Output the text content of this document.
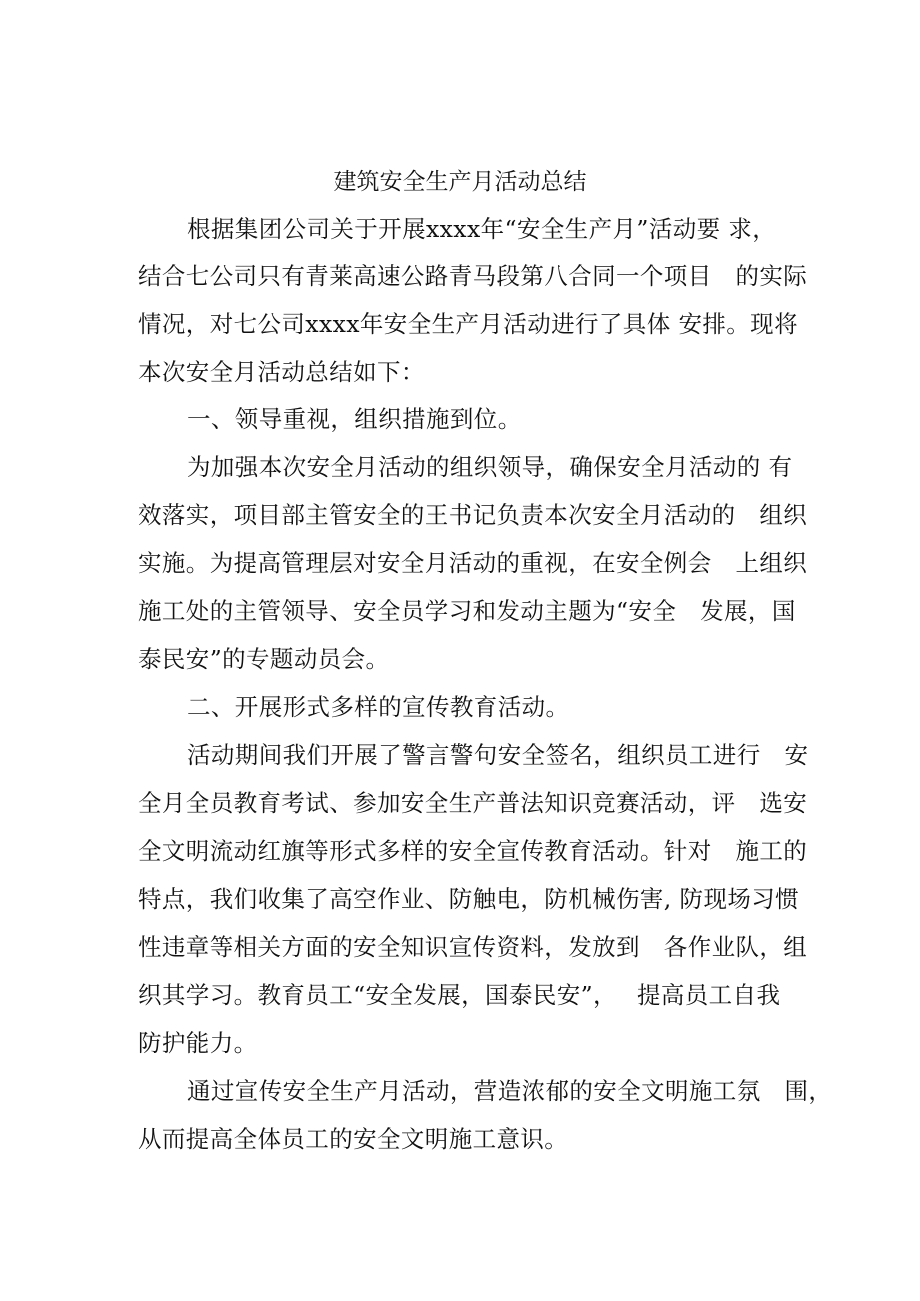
建筑安全生产月活动总结
根据集团公司关于开展xxxx年“安全生产月”活动要 求，
结合七公司只有青莱高速公路青马段第八合同一个项目　的实际
情况，对七公司xxxx年安全生产月活动进行了具体 安排。现将
本次安全月活动总结如下：
一、领导重视，组织措施到位。
为加强本次安全月活动的组织领导，确保安全月活动的 有
效落实，项目部主管安全的王书记负责本次安全月活动的　组织
实施。为提高管理层对安全月活动的重视，在安全例会　上组织
施工处的主管领导、安全员学习和发动主题为“安全　发展，国
泰民安”的专题动员会。
二、开展形式多样的宣传教育活动。
活动期间我们开展了警言警句安全签名，组织员工进行　安
全月全员教育考试、参加安全生产普法知识竞赛活动，评　选安
全文明流动红旗等形式多样的安全宣传教育活动。针对　施工的
特点，我们收集了高空作业、防触电，防机械伤害, 防现场习惯
性违章等相关方面的安全知识宣传资料，发放到　各作业队，组
织其学习。教育员工“安全发展，国泰民安”，　 提高员工自我
防护能力。
通过宣传安全生产月活动，营造浓郁的安全文明施工氛　围，
从而提高全体员工的安全文明施工意识。
